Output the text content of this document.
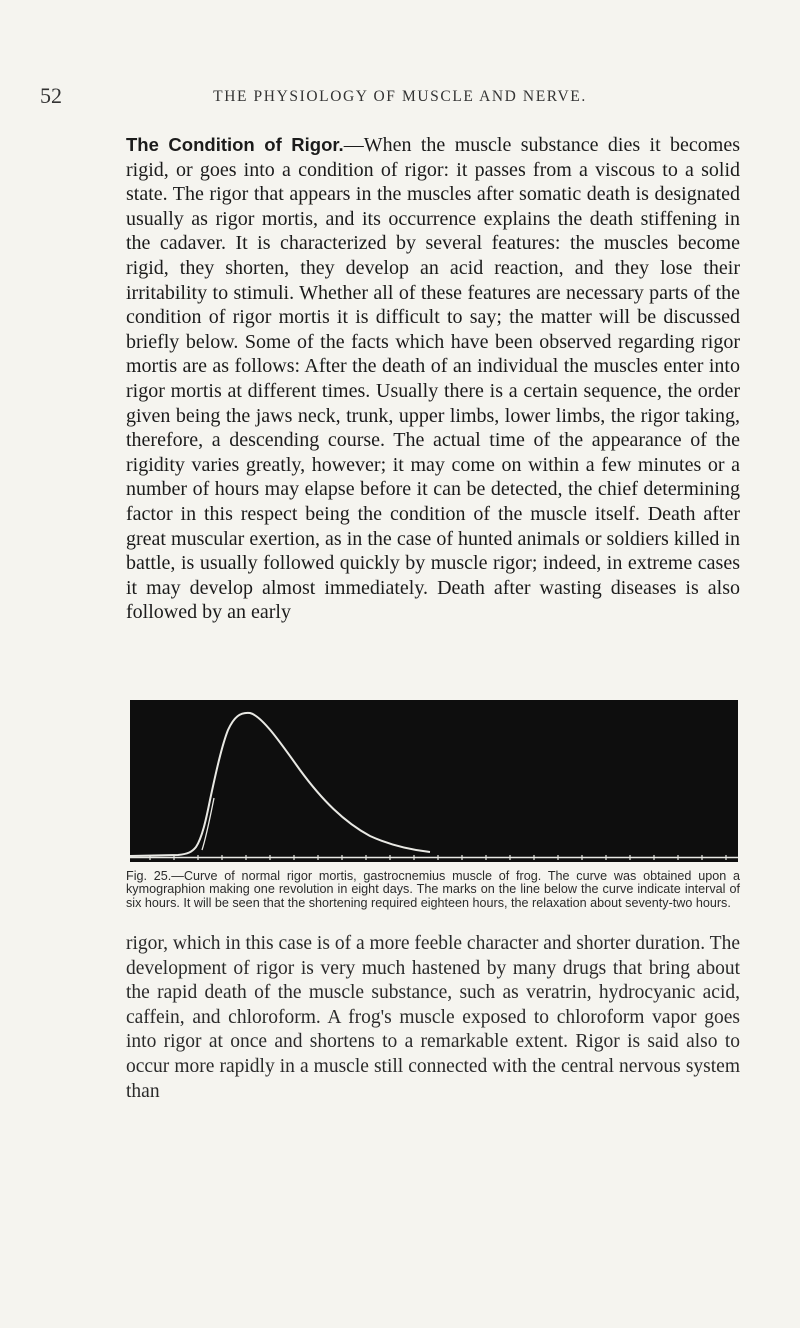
52	THE PHYSIOLOGY OF MUSCLE AND NERVE.

The Condition of Rigor.—When the muscle substance dies it becomes rigid, or goes into a condition of rigor: it passes from a viscous to a solid state. The rigor that appears in the muscles after somatic death is designated usually as rigor mortis, and its occurrence explains the death stiffening in the cadaver. It is characterized by several features: the muscles become rigid, they shorten, they develop an acid reaction, and they lose their irritability to stimuli. Whether all of these features are necessary parts of the condition of rigor mortis it is difficult to say; the matter will be discussed briefly below. Some of the facts which have been observed regarding rigor mortis are as follows: After the death of an individual the muscles enter into rigor mortis at different times. Usually there is a certain sequence, the order given being the jaws neck, trunk, upper limbs, lower limbs, the rigor taking, therefore, a descending course. The actual time of the appearance of the rigidity varies greatly, however; it may come on within a few minutes or a number of hours may elapse before it can be detected, the chief determining factor in this respect being the condition of the muscle itself. Death after great muscular exertion, as in the case of hunted animals or soldiers killed in battle, is usually followed quickly by muscle rigor; indeed, in extreme cases it may develop almost immediately. Death after wasting diseases is also followed by an early

Fig. 25.—Curve of normal rigor mortis, gastrocnemius muscle of frog. The curve was obtained upon a kymographion making one revolution in eight days. The marks on the line below the curve indicate interval of six hours. It will be seen that the shortening required eighteen hours, the relaxation about seventy-two hours.

rigor, which in this case is of a more feeble character and shorter duration. The development of rigor is very much hastened by many drugs that bring about the rapid death of the muscle substance, such as veratrin, hydrocyanic acid, caffein, and chloroform. A frog's muscle exposed to chloroform vapor goes into rigor at once and shortens to a remarkable extent. Rigor is said also to occur more rapidly in a muscle still connected with the central nervous system than
